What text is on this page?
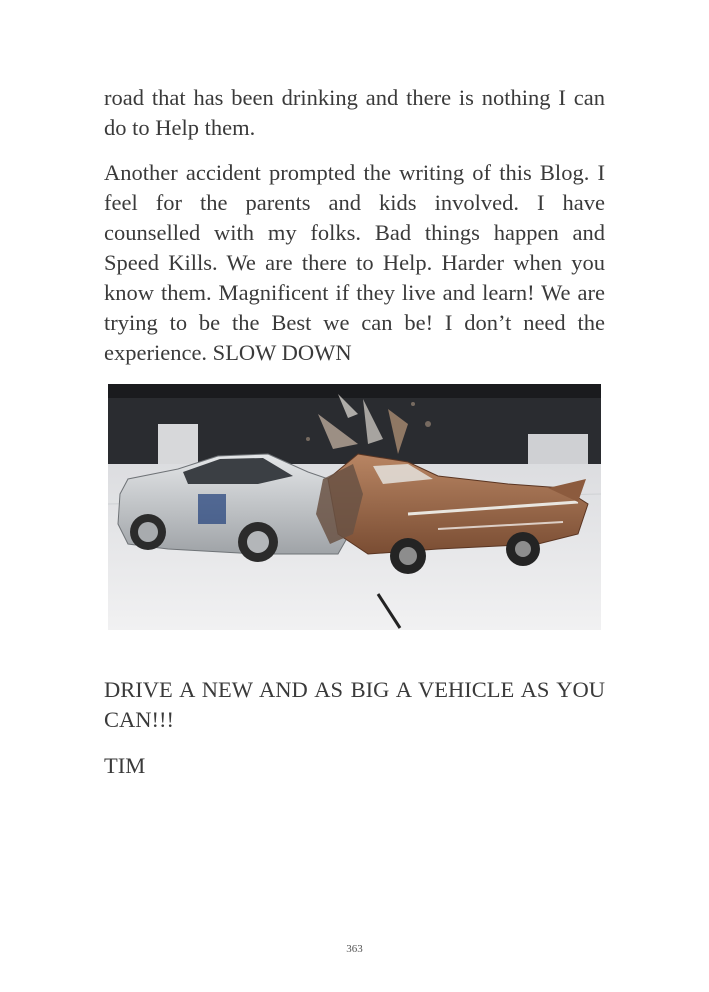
road that has been drinking and there is nothing I can do to Help them.

Another accident prompted the writing of this Blog. I feel for the parents and kids involved. I have counselled with my folks. Bad things happen and Speed Kills. We are there to Help. Harder when you know them. Magnificent if they live and learn! We are trying to be the Best we can be! I don’t need the experience. SLOW DOWN

DRIVE A NEW AND AS BIG A VEHICLE AS YOU CAN!!!

TIM

363
